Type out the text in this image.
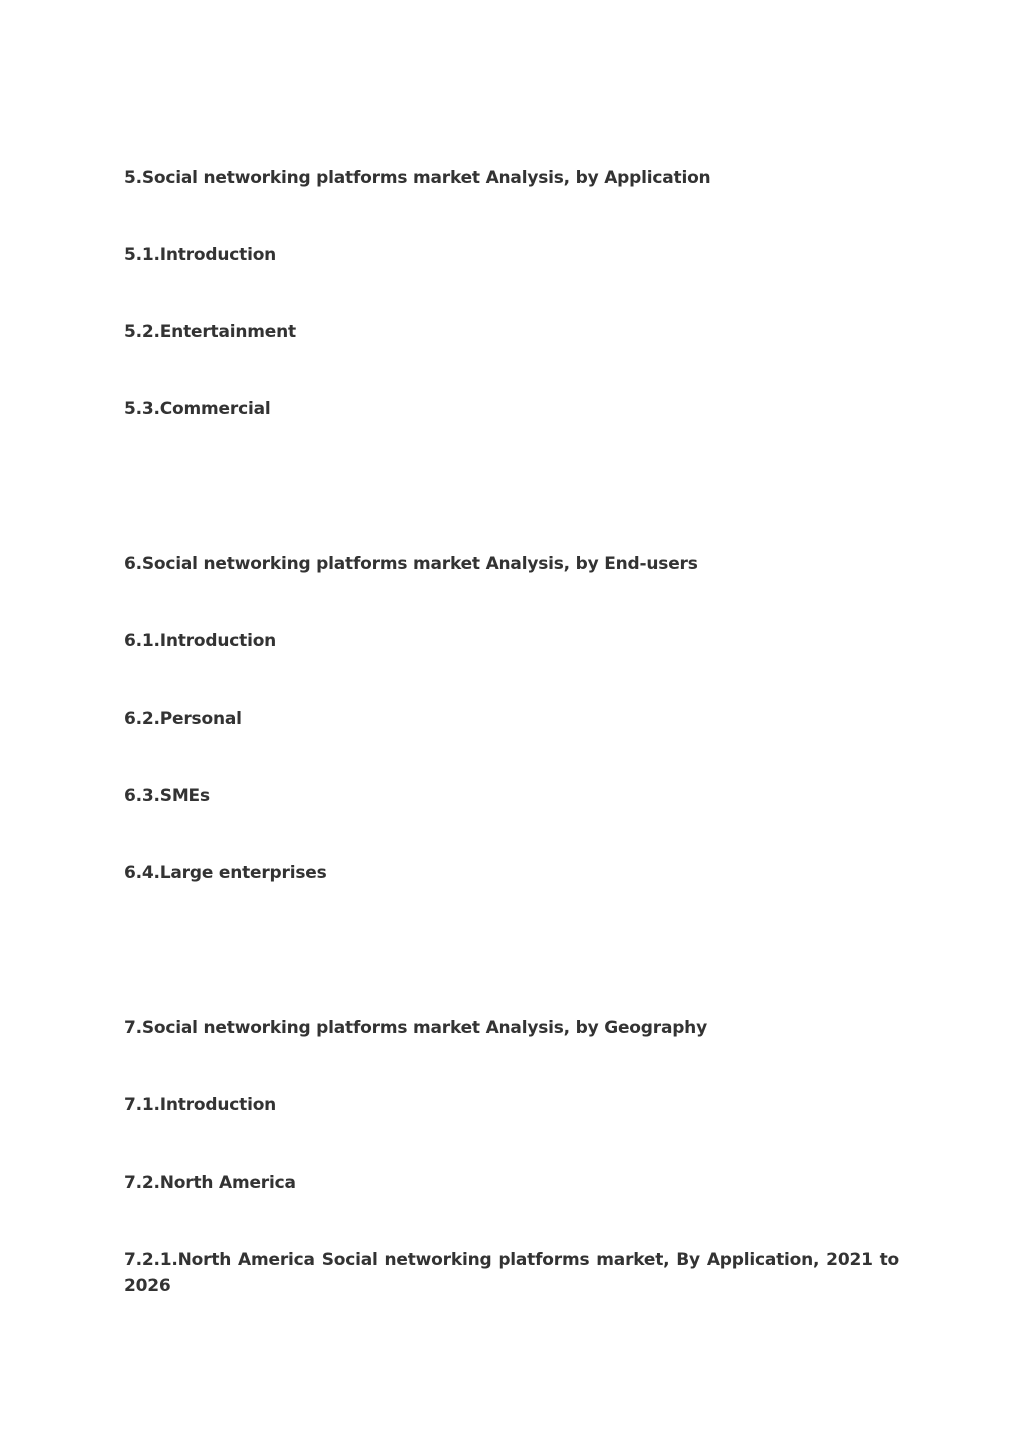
5.Social networking platforms market Analysis, by Application

5.1.Introduction

5.2.Entertainment

5.3.Commercial

6.Social networking platforms market Analysis, by End-users

6.1.Introduction

6.2.Personal

6.3.SMEs

6.4.Large enterprises

7.Social networking platforms market Analysis, by Geography

7.1.Introduction

7.2.North America

7.2.1.North America Social networking platforms market, By Application, 2021 to 2026
